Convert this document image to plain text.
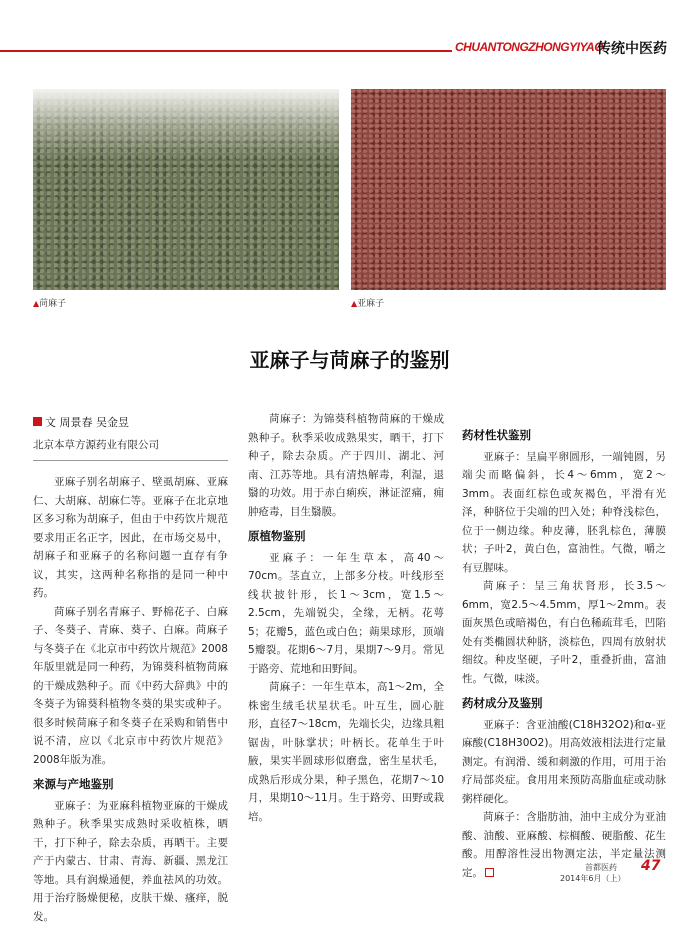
CHUANTONGZHONGYIYAO
传统中医药
▲苘麻子	▲亚麻子
亚麻子与苘麻子的鉴别
文 周景春 吴金昱
北京本草方源药业有限公司

亚麻子别名胡麻子、壁虱胡麻、亚麻仁、大胡麻、胡麻仁等。亚麻子在北京地区多习称为胡麻子，但由于中药饮片规范要求用正名正字，因此，在市场交易中，胡麻子和亚麻子的名称问题一直存有争议，其实，这两种名称指的是同一种中药。

苘麻子别名青麻子、野棉花子、白麻子、冬葵子、青麻、葵子、白麻。苘麻子与冬葵子在《北京市中药饮片规范》2008年版里就是同一种药，为锦葵科植物苘麻的干燥成熟种子。而《中药大辞典》中的冬葵子为锦葵科植物冬葵的果实或种子。很多时候苘麻子和冬葵子在采购和销售中说不清，应以《北京市中药饮片规范》2008年版为准。

来源与产地鉴别

亚麻子：为亚麻科植物亚麻的干燥成熟种子。秋季果实成熟时采收植株，晒干，打下种子，除去杂质，再晒干。主要产于内蒙古、甘肃、青海、新疆、黑龙江等地。具有润燥通便，养血祛风的功效。用于治疗肠燥便秘，皮肤干燥、瘙痒，脱发。

苘麻子：为锦葵科植物苘麻的干燥成熟种子。秋季采收成熟果实，晒干，打下种子，除去杂质。产于四川、湖北、河南、江苏等地。具有清热解毒，利湿，退翳的功效。用于赤白痢疾，淋证涩痛，痈肿疮毒，目生翳膜。

原植物鉴别

亚麻子：一年生草本，高40～70cm。茎直立，上部多分枝。叶线形至线状披针形，长1～3cm，宽1.5～2.5cm，先端锐尖，全缘，无柄。花萼5；花瓣5，蓝色或白色；蒴果球形，顶端5瓣裂。花期6～7月，果期7～9月。常见于路旁、荒地和田野间。

苘麻子：一年生草本，高1～2m，全株密生绒毛状星状毛。叶互生，圆心脏形，直径7～18cm，先端长尖，边缘具粗锯齿，叶脉掌状；叶柄长。花单生于叶腋，果实半圆球形似磨盘，密生星状毛，成熟后形成分果，种子黑色，花期7～10月，果期10～11月。生于路旁、田野或栽培。

药材性状鉴别

亚麻子：呈扁平卵圆形，一端钝圆，另端尖而略偏斜，长4～6mm，宽2～3mm。表面红棕色或灰褐色，平滑有光泽，种脐位于尖端的凹入处；种脊浅棕色，位于一侧边缘。种皮薄，胚乳棕色，薄膜状；子叶2，黄白色，富油性。气微，嚼之有豆腥味。

苘麻子：呈三角状肾形，长3.5～6mm，宽2.5～4.5mm，厚1～2mm。表面灰黑色或暗褐色，有白色稀疏茸毛，凹陷处有类椭圆状种脐，淡棕色，四周有放射状细纹。种皮坚硬，子叶2，重叠折曲，富油性。气微，味淡。

药材成分及鉴别

亚麻子：含亚油酸(C18H32O2)和α-亚麻酸(C18H30O2)。用高效液相法进行定量测定。有润滑、缓和刺激的作用，可用于治疗局部炎症。食用用来预防高脂血症或动脉粥样硬化。

苘麻子：含脂肪油，油中主成分为亚油酸、油酸、亚麻酸、棕榈酸、硬脂酸、花生酸。用醇溶性浸出物测定法，半定量法测定。	首都医药
2014年6月（上）
47
